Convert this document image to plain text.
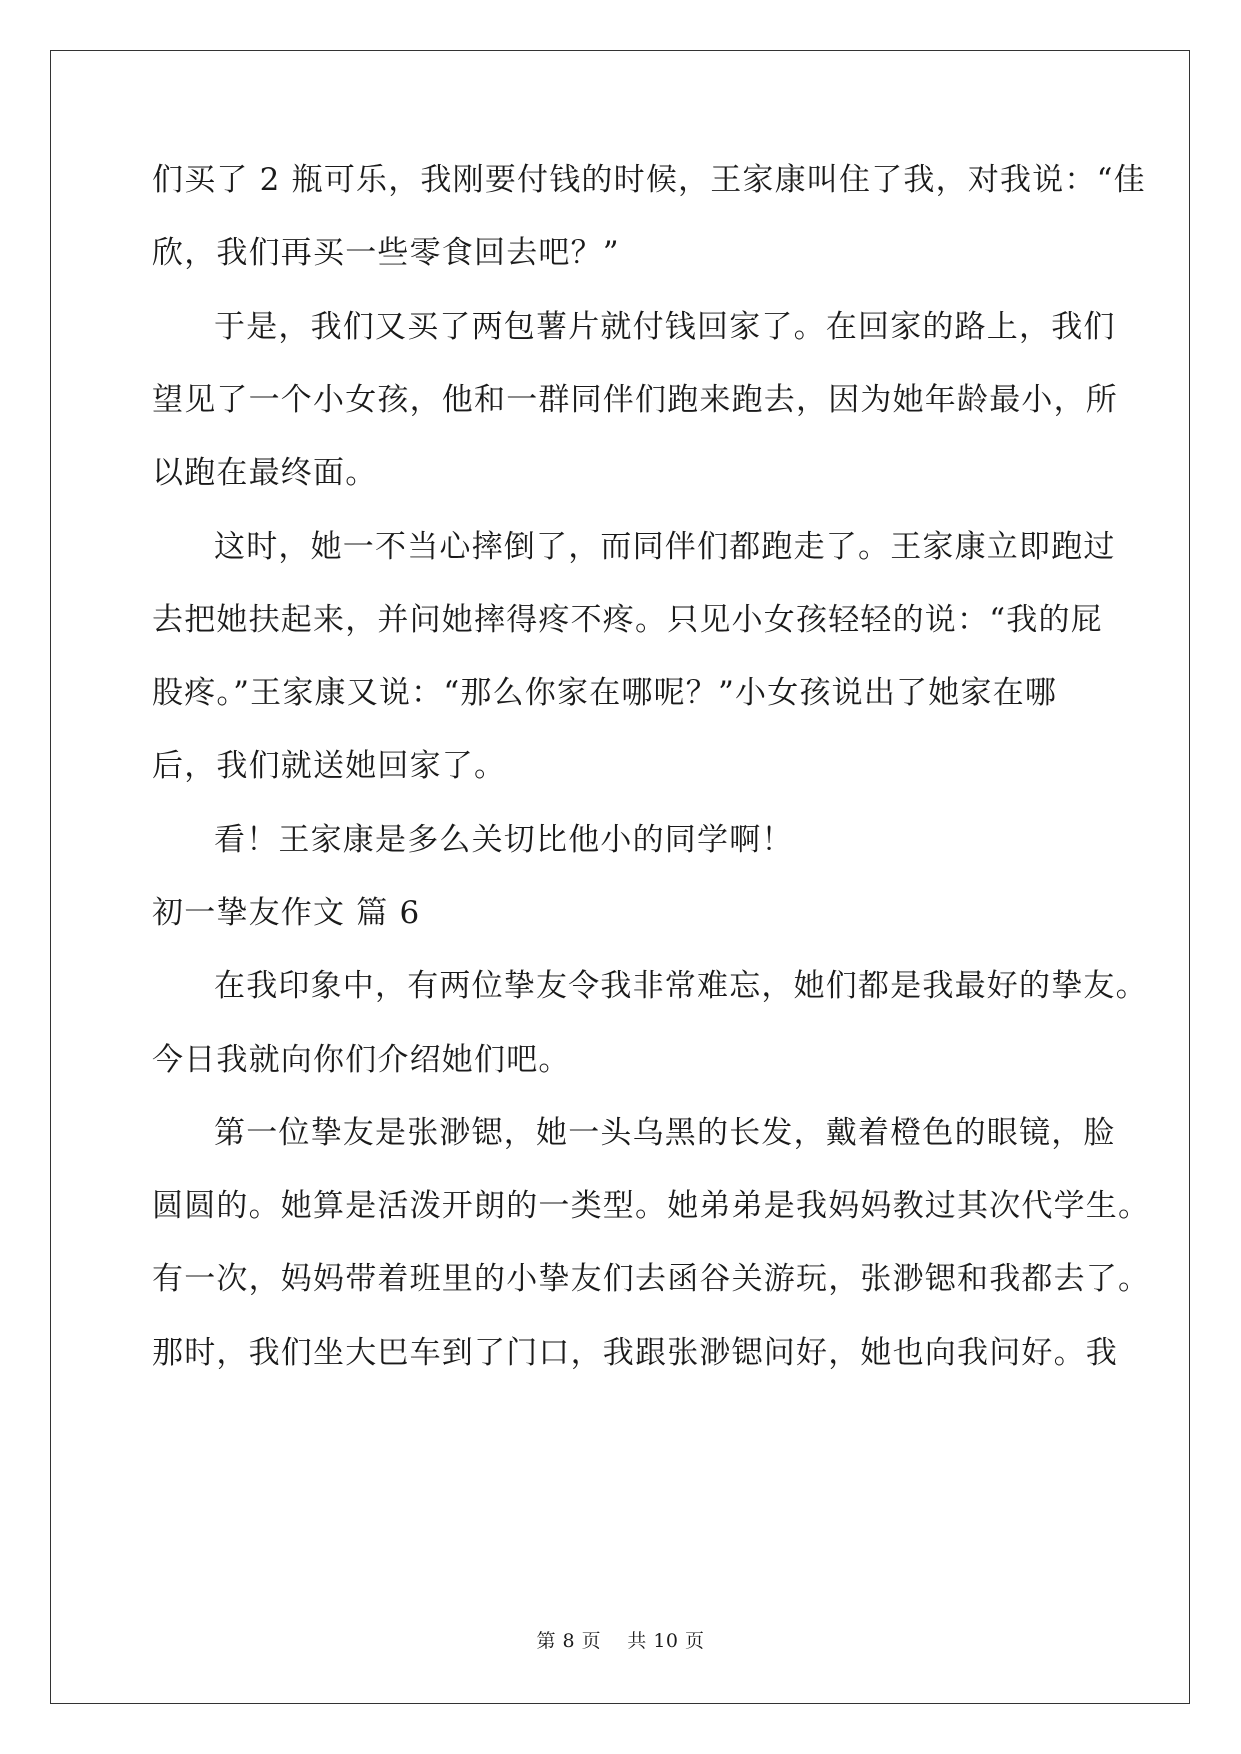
们买了 2 瓶可乐，我刚要付钱的时候，王家康叫住了我，对我说：“佳
欣，我们再买一些零食回去吧？”
于是，我们又买了两包薯片就付钱回家了。在回家的路上，我们
望见了一个小女孩，他和一群同伴们跑来跑去，因为她年龄最小，所
以跑在最终面。
这时，她一不当心摔倒了，而同伴们都跑走了。王家康立即跑过
去把她扶起来，并问她摔得疼不疼。只见小女孩轻轻的说：“我的屁
股疼。”王家康又说：“那么你家在哪呢？”小女孩说出了她家在哪
后，我们就送她回家了。
看！王家康是多么关切比他小的同学啊！
初一挚友作文 篇 6
在我印象中，有两位挚友令我非常难忘，她们都是我最好的挚友。
今日我就向你们介绍她们吧。
第一位挚友是张渺锶，她一头乌黑的长发，戴着橙色的眼镜，脸
圆圆的。她算是活泼开朗的一类型。她弟弟是我妈妈教过其次代学生。
有一次，妈妈带着班里的小挚友们去函谷关游玩，张渺锶和我都去了。
那时，我们坐大巴车到了门口，我跟张渺锶问好，她也向我问好。我
第 8 页    共 10 页
